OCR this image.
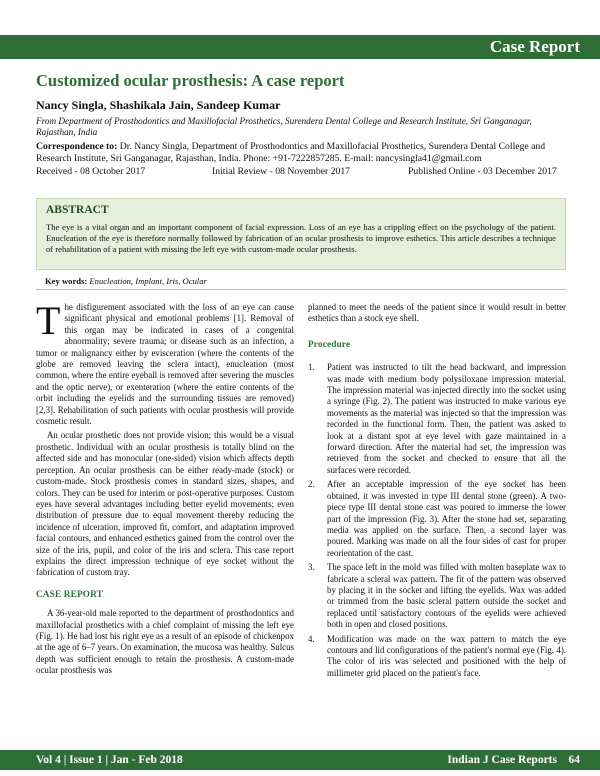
Case Report
Customized ocular prosthesis: A case report
Nancy Singla, Shashikala Jain, Sandeep Kumar
From Department of Prosthodontics and Maxillofacial Prosthetics, Surendera Dental College and Research Institute, Sri Ganganagar, Rajasthan, India
Correspondence to: Dr. Nancy Singla, Department of Prosthodontics and Maxillofacial Prosthetics, Surendera Dental College and Research Institute, Sri Ganganagar, Rajasthan, India. Phone: +91-7222857285. E-mail: nancysingla41@gmail.com
Received - 08 October 2017	Initial Review - 08 November 2017	Published Online - 03 December 2017
ABSTRACT

The eye is a vital organ and an important component of facial expression. Loss of an eye has a crippling effect on the psychology of the patient. Enucleation of the eye is therefore normally followed by fabrication of an ocular prosthesis to improve esthetics. This article describes a technique of rehabilitation of a patient with missing the left eye with custom-made ocular prosthesis.

Key words: Enucleation, Implant, Iris, Ocular

The disfigurement associated with the loss of an eye can cause significant physical and emotional problems [1]. Removal of this organ may be indicated in cases of a congenital abnormality; severe trauma; or disease such as an infection, a tumor or malignancy either by evisceration (where the contents of the globe are removed leaving the sclera intact), enucleation (most common, where the entire eyeball is removed after severing the muscles and the optic nerve), or exenteration (where the entire contents of the orbit including the eyelids and the surrounding tissues are removed) [2,3]. Rehabilitation of such patients with ocular prosthesis will provide cosmetic result.

An ocular prosthetic does not provide vision; this would be a visual prosthetic. Individual with an ocular prosthesis is totally blind on the affected side and has monocular (one-sided) vision which affects depth perception. An ocular prosthesis can be either ready-made (stock) or custom-made. Stock prosthesis comes in standard sizes, shapes, and colors. They can be used for interim or post-operative purposes. Custom eyes have several advantages including better eyelid movements; even distribution of pressure due to equal movement thereby reducing the incidence of ulceration, improved fit, comfort, and adaptation improved facial contours, and enhanced esthetics gained from the control over the size of the iris, pupil, and color of the iris and sclera. This case report explains the direct impression technique of eye socket without the fabrication of custom tray.

CASE REPORT

A 36-year-old male reported to the department of prosthodontics and maxillofacial prosthetics with a chief complaint of missing the left eye (Fig. 1). He had lost his right eye as a result of an episode of chickenpox at the age of 6–7 years. On examination, the mucosa was healthy. Sulcus depth was sufficient enough to retain the prosthesis. A custom-made ocular prosthesis was

planned to meet the needs of the patient since it would result in better esthetics than a stock eye shell.

Procedure
1. Patient was instructed to tilt the head backward, and impression was made with medium body polysiloxane impression material. The impression material was injected directly into the socket using a syringe (Fig. 2). The patient was instructed to make various eye movements as the material was injected so that the impression was recorded in the functional form. Then, the patient was asked to look at a distant spot at eye level with gaze maintained in a forward direction. After the material had set, the impression was retrieved from the socket and checked to ensure that all the surfaces were recorded.
2. After an acceptable impression of the eye socket has been obtained, it was invested in type III dental stone (green). A two-piece type III dental stone cast was poured to immerse the lower part of the impression (Fig. 3). After the stone had set, separating media was applied on the surface. Then, a second layer was poured. Marking was made on all the four sides of cast for proper reorientation of the cast.
3. The space left in the mold was filled with molten baseplate wax to fabricate a scleral wax pattern. The fit of the pattern was observed by placing it in the socket and lifting the eyelids. Wax was added or trimmed from the basic scleral pattern outside the socket and replaced until satisfactory contours of the eyelids were achieved both in open and closed positions.
4. Modification was made on the wax pattern to match the eye contours and lid configurations of the patient's normal eye (Fig. 4). The color of iris was selected and positioned with the help of millimeter grid placed on the patient's face.
Vol 4 | Issue 1 | Jan - Feb 2018	Indian J Case Reports 64
